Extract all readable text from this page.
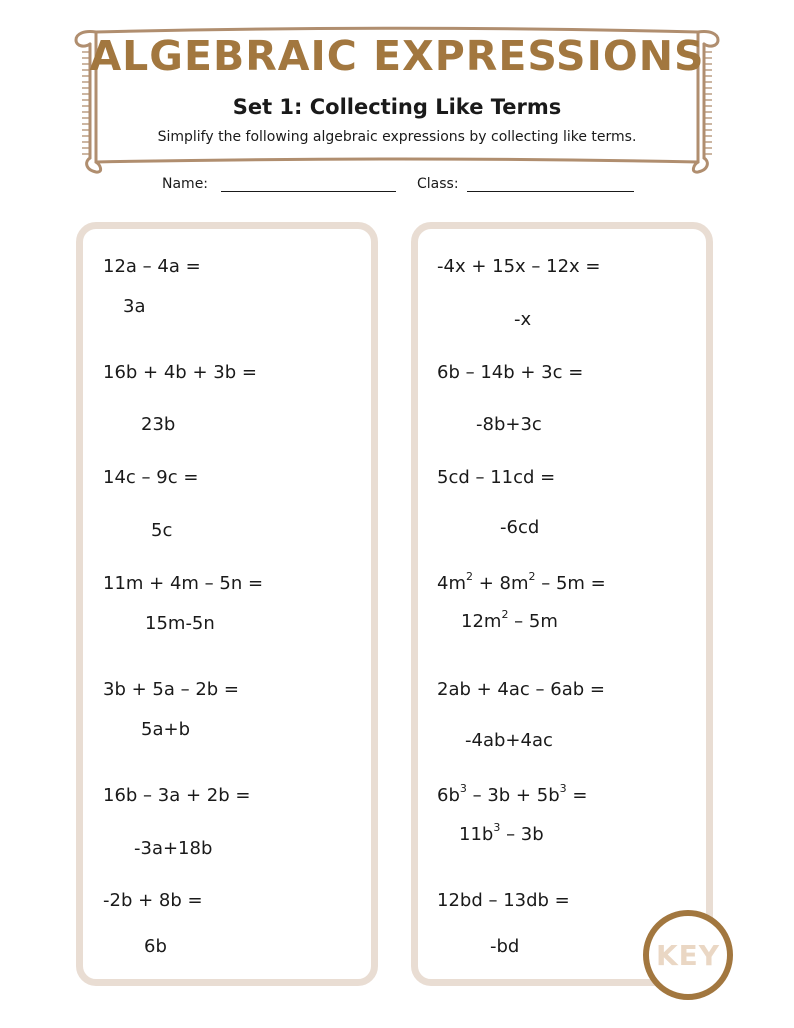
ALGEBRAIC EXPRESSIONS
Set 1: Collecting Like Terms
Simplify the following algebraic expressions by collecting like terms.
Name:	Class:
12a – 4a =
3a
16b + 4b + 3b =
23b
14c – 9c =
5c
11m + 4m – 5n =
15m-5n
3b + 5a – 2b =
5a+b
16b – 3a + 2b =
-3a+18b
-2b + 8b =
6b
-4x + 15x – 12x =
-x
6b – 14b + 3c =
-8b+3c
5cd – 11cd =
-6cd
$4m^2 + 8m^2 - 5m$ =
$12m^2 - 5m$
2ab + 4ac – 6ab =
-4ab+4ac
$6b^3 - 3b + 5b^3$ =
$11b^3 - 3b$
12bd – 13db =
-bd	KEY
